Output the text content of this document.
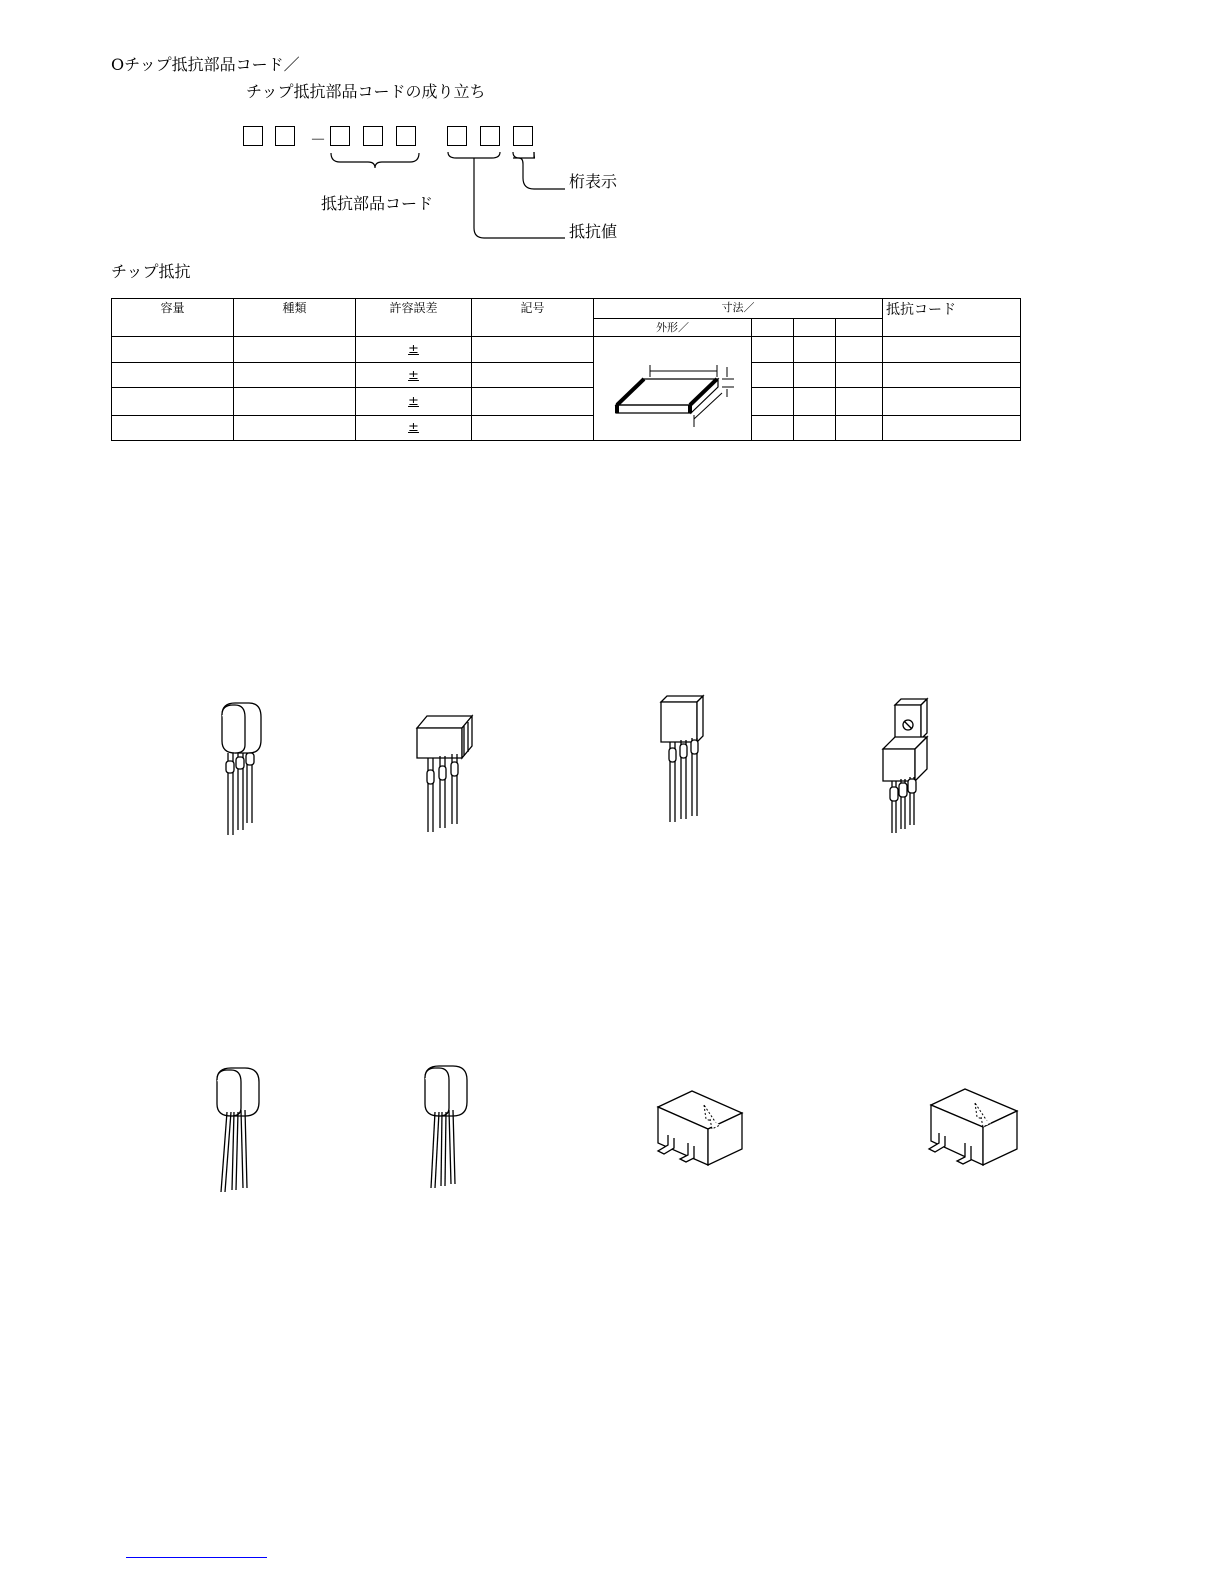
Oチップ抵抗部品コード／
チップ抵抗部品コードの成り立ち
－
抵抗部品コード
桁表示
抵抗値
チップ抵抗
容量	種類	許容誤差	記号	寸法／				抵抗コード
				外形／				
		±						
		±						
		±						
		±						
